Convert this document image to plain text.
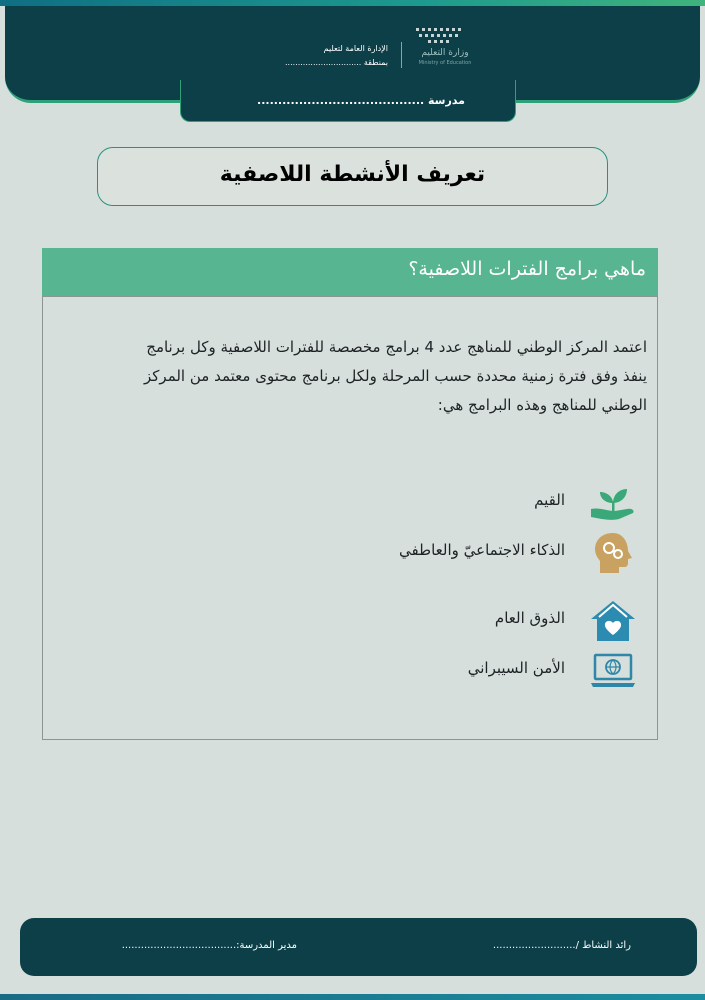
وزارة التعليم
Ministry of Education
الإدارة العامة لتعليم
بمنطقة ..............................
مدرسة ........................................
تعريف الأنشطة اللاصفية
ماهي برامج الفترات اللاصفية؟
اعتمد المركز الوطني للمناهج عدد 4 برامج مخصصة للفترات اللاصفية وكل برنامج
ينفذ وفق فترة زمنية محددة حسب المرحلة ولكل برنامج محتوى معتمد من المركز
الوطني للمناهج وهذه البرامج هي:
القيم
الذكاء الاجتماعيّ والعاطفي
الذوق العام
الأمن السيبراني
رائد النشاط /..........................
مدير المدرسة:....................................
